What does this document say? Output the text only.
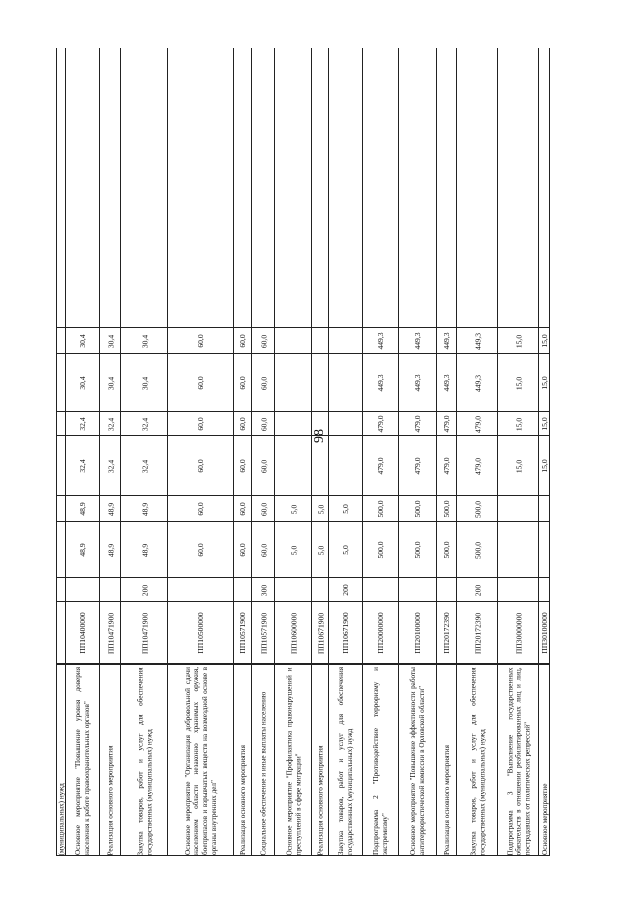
98
(муниципальных) нужд	Основное мероприятие "Повышение уровня доверия населения к работе правоохранительных органов"
ПП10400000
48,9
48,9
32,4
32,4
30,4
30,4
Реализация основного мероприятия
ПП10471900
48,9
48,9
32,4
32,4
30,4
30,4
Закупка товаров, работ и услуг для обеспечения государственных (муниципальных) нужд
ПП10471900
200
48,9
48,9
32,4
32,4
30,4
30,4
Основное мероприятие "Организация добровольной сдачи населением области незаконно хранимых оружия, боеприпасов и взрывчатых веществ на возмездной основе в органы внутренних дел"
ПП10500000
60,0
60,0
60,0
60,0
60,0
60,0
Реализация основного мероприятия
ПП10571900
60,0
60,0
60,0
60,0
60,0
60,0
Социальное обеспечение и иные выплаты населению
ПП10571900
300
60,0
60,0
60,0
60,0
60,0
60,0
Основное мероприятие "Профилактика правонарушений и преступлений в сфере миграции"
ПП10600000
5,0
5,0
Реализация основного мероприятия
ПП10671900
5,0
5,0
Закупка товаров, работ и услуг для обеспечения государственных (муниципальных) нужд
ПП10671900
200
5,0
5,0
Подпрограмма 2 "Противодействие терроризму и экстремизму"
ПП20000000
500,0
500,0
479,0
479,0
449,3
449,3
Основное мероприятие "Повышение эффективности работы антитеррористической комиссии в Орловской области"
ПП20100000
500,0
500,0
479,0
479,0
449,3
449,3
Реализация основного мероприятия
ПП20172390
500,0
500,0
479,0
479,0
449,3
449,3
Закупка товаров, работ и услуг для обеспечения государственных (муниципальных) нужд
ПП20172390
200
500,0
500,0
479,0
479,0
449,3
449,3
Подпрограмма 3 "Выполнение государственных обязательств в отношении реабилитированных лиц и лиц, пострадавших от политических репрессий"
ПП30000000
15,0
15,0
15,0
15,0
Основное мероприятие
ПП30100000
15,0
15,0
15,0
15,0
